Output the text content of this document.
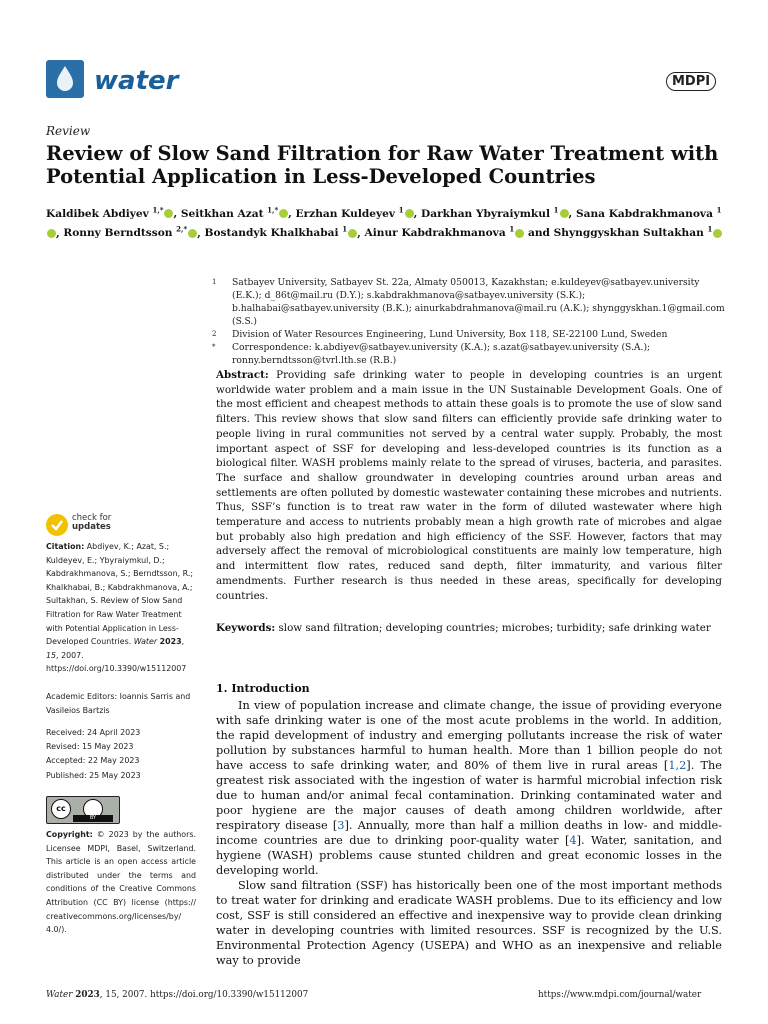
water	MDPI
Review
Review of Slow Sand Filtration for Raw Water Treatment with Potential Application in Less-Developed Countries
Kaldibek Abdiyev $^{1,*}$ , Seitkhan Azat $^{1,*}$ , Erzhan Kuldeyev $^1$ , Darkhan Ybyraiymkul $^1$ , Sana Kabdrakhmanova $^1$, Ronny Berndtsson $^{2,*}$ , Bostandyk Khalkhabai $^1$ , Ainur Kabdrakhmanova $^1$ and Shynggyskhan Sultakhan $^1$
1	Satbayev University, Satbayev St. 22a, Almaty 050013, Kazakhstan; e.kuldeyev@satbayev.university (E.K.); d_86t@mail.ru (D.Y.); s.kabdrakhmanova@satbayev.university (S.K.); b.halhabai@satbayev.university (B.K.); ainurkabdrahmanova@mail.ru (A.K.); shynggyskhan.1@gmail.com (S.S.)
2	Division of Water Resources Engineering, Lund University, Box 118, SE-22100 Lund, Sweden
*	Correspondence: k.abdiyev@satbayev.university (K.A.); s.azat@satbayev.university (S.A.); ronny.berndtsson@tvrl.lth.se (R.B.)
Abstract: Providing safe drinking water to people in developing countries is an urgent worldwide water problem and a main issue in the UN Sustainable Development Goals. One of the most efficient and cheapest methods to attain these goals is to promote the use of slow sand filters. This review shows that slow sand filters can efficiently provide safe drinking water to people living in rural communities not served by a central water supply. Probably, the most important aspect of SSF for developing and less-developed countries is its function as a biological filter. WASH problems mainly relate to the spread of viruses, bacteria, and parasites. The surface and shallow groundwater in developing countries around urban areas and settlements are often polluted by domestic wastewater containing these microbes and nutrients. Thus, SSF’s function is to treat raw water in the form of diluted wastewater where high temperature and access to nutrients probably mean a high growth rate of microbes and algae but probably also high predation and high efficiency of the SSF. However, factors that may adversely affect the removal of microbiological constituents are mainly low temperature, high and intermittent flow rates, reduced sand depth, filter immaturity, and various filter amendments. Further research is thus needed in these areas, specifically for developing countries.
Keywords: slow sand filtration; developing countries; microbes; turbidity; safe drinking water
check for
updates
Citation: Abdiyev, K.; Azat, S.; Kuldeyev, E.; Ybyraiymkul, D.; Kabdrakhmanova, S.; Berndtsson, R.; Khalkhabai, B.; Kabdrakhmanova, A.; Sultakhan, S. Review of Slow Sand Filtration for Raw Water Treatment with Potential Application in Less-Developed Countries. Water 2023, 15, 2007. https://doi.org/10.3390/w15112007
Academic Editors: Ioannis Sarris and Vasileios Bartzis
Received: 24 April 2023
Revised: 15 May 2023
Accepted: 22 May 2023
Published: 25 May 2023
cc
BY
Copyright: © 2023 by the authors. Licensee MDPI, Basel, Switzerland. This article is an open access article distributed under the terms and conditions of the Creative Commons Attribution (CC BY) license (https:// creativecommons.org/licenses/by/ 4.0/).
1. Introduction

In view of population increase and climate change, the issue of providing everyone with safe drinking water is one of the most acute problems in the world. In addition, the rapid development of industry and emerging pollutants increase the risk of water pollution by substances harmful to human health. More than 1 billion people do not have access to safe drinking water, and 80% of them live in rural areas [1,2]. The greatest risk associated with the ingestion of water is harmful microbial infection risk due to human and/or animal fecal contamination. Drinking contaminated water and poor hygiene are the major causes of death among children worldwide, after respiratory disease [3]. Annually, more than half a million deaths in low- and middle-income countries are due to drinking poor-quality water [4]. Water, sanitation, and hygiene (WASH) problems cause stunted children and great economic losses in the developing world.

Slow sand filtration (SSF) has historically been one of the most important methods to treat water for drinking and eradicate WASH problems. Due to its efficiency and low cost, SSF is still considered an effective and inexpensive way to provide clean drinking water in developing countries with limited resources. SSF is recognized by the U.S. Environmental Protection Agency (USEPA) and WHO as an inexpensive and reliable way to provide

Water 2023, 15, 2007. https://doi.org/10.3390/w15112007	https://www.mdpi.com/journal/water
